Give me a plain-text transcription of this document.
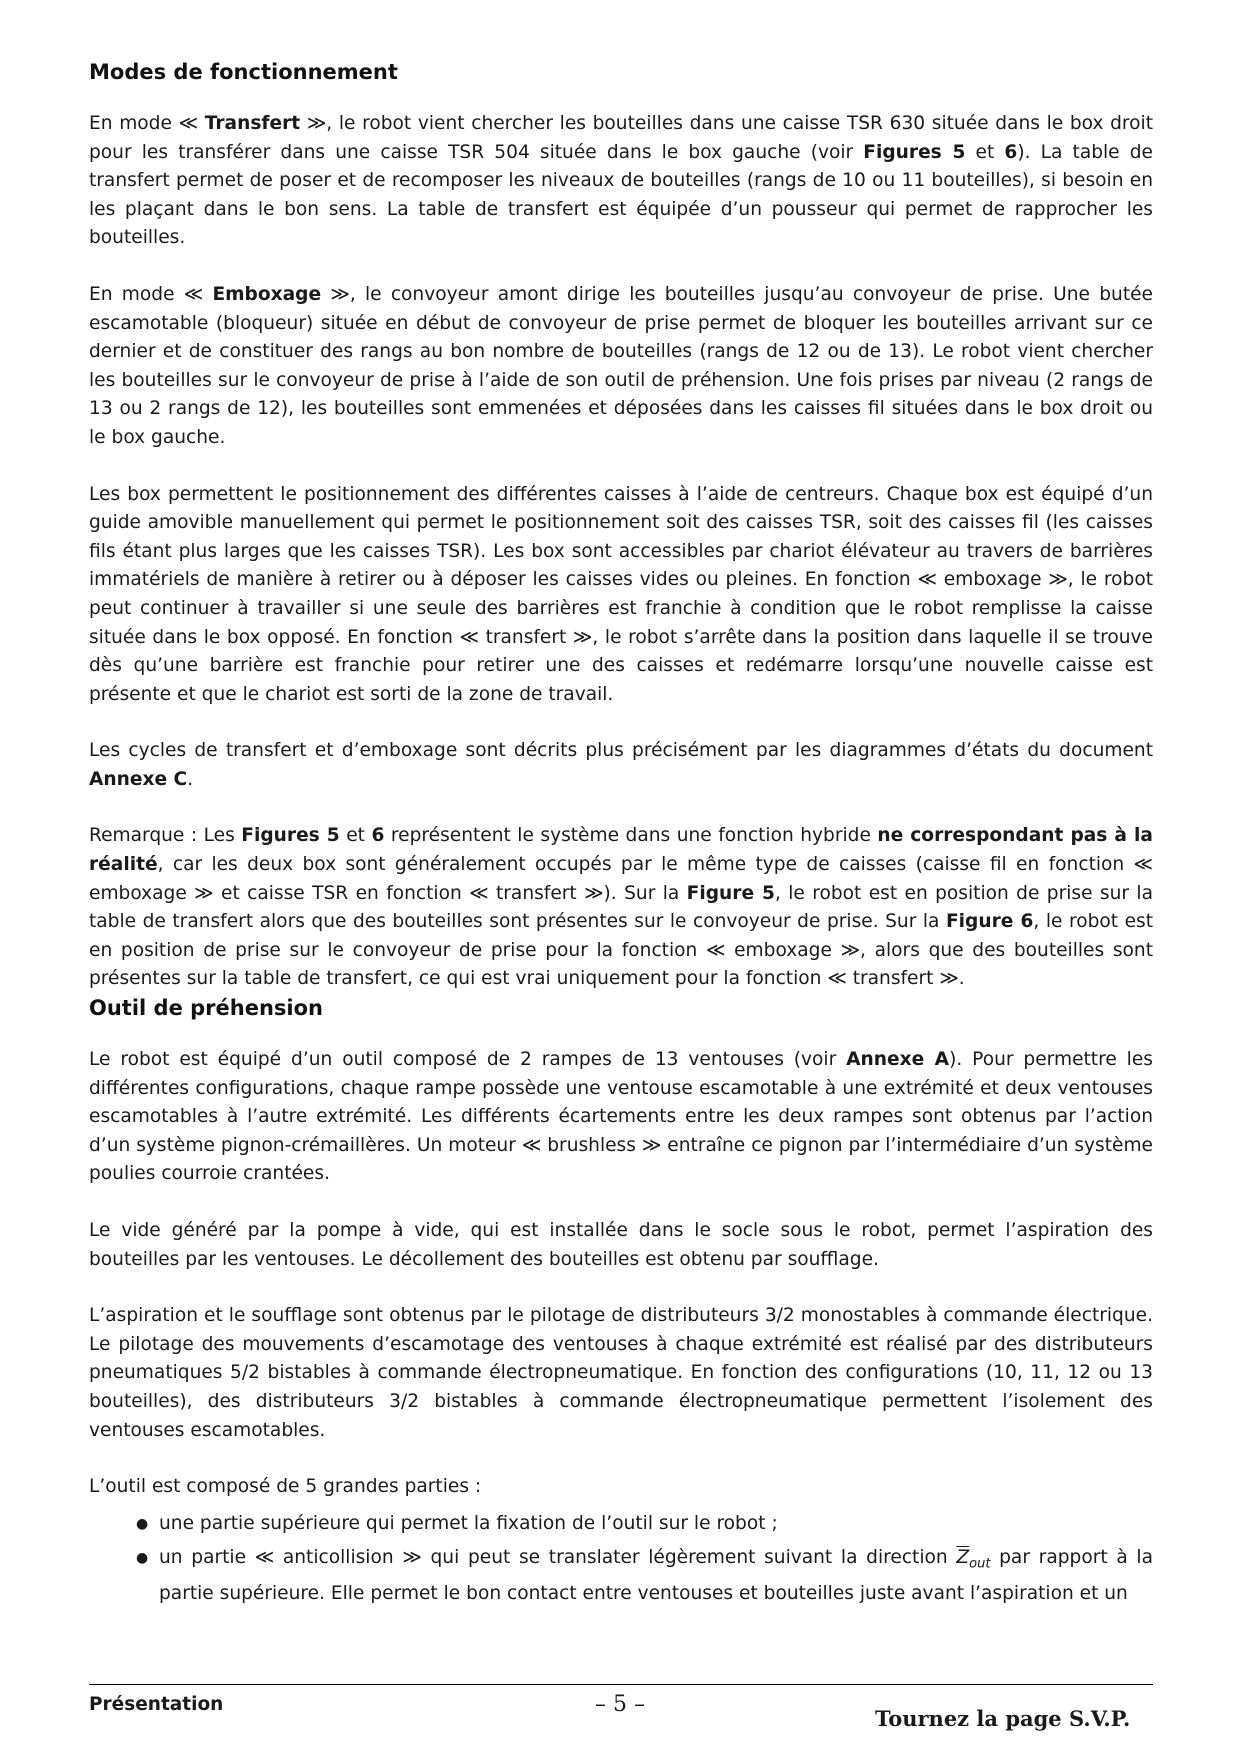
Modes de fonctionnement

En mode ≪ Transfert ≫, le robot vient chercher les bouteilles dans une caisse TSR 630 située dans le box droit pour les transférer dans une caisse TSR 504 située dans le box gauche (voir Figures 5 et 6). La table de transfert permet de poser et de recomposer les niveaux de bouteilles (rangs de 10 ou 11 bouteilles), si besoin en les plaçant dans le bon sens. La table de transfert est équipée d’un pousseur qui permet de rapprocher les bouteilles.

En mode ≪ Emboxage ≫, le convoyeur amont dirige les bouteilles jusqu’au convoyeur de prise. Une butée escamotable (bloqueur) située en début de convoyeur de prise permet de bloquer les bouteilles arrivant sur ce dernier et de constituer des rangs au bon nombre de bouteilles (rangs de 12 ou de 13). Le robot vient chercher les bouteilles sur le convoyeur de prise à l’aide de son outil de préhension. Une fois prises par niveau (2 rangs de 13 ou 2 rangs de 12), les bouteilles sont emmenées et déposées dans les caisses fil situées dans le box droit ou le box gauche.

Les box permettent le positionnement des différentes caisses à l’aide de centreurs. Chaque box est équipé d’un guide amovible manuellement qui permet le positionnement soit des caisses TSR, soit des caisses fil (les caisses fils étant plus larges que les caisses TSR). Les box sont accessibles par chariot élévateur au travers de barrières immatériels de manière à retirer ou à déposer les caisses vides ou pleines. En fonction ≪ emboxage ≫, le robot peut continuer à travailler si une seule des barrières est franchie à condition que le robot remplisse la caisse située dans le box opposé. En fonction ≪ transfert ≫, le robot s’arrête dans la position dans laquelle il se trouve dès qu’une barrière est franchie pour retirer une des caisses et redémarre lorsqu’une nouvelle caisse est présente et que le chariot est sorti de la zone de travail.

Les cycles de transfert et d’emboxage sont décrits plus précisément par les diagrammes d’états du document Annexe C.

Remarque : Les Figures 5 et 6 représentent le système dans une fonction hybride ne correspondant pas à la réalité, car les deux box sont généralement occupés par le même type de caisses (caisse fil en fonction ≪ emboxage ≫ et caisse TSR en fonction ≪ transfert ≫). Sur la Figure 5, le robot est en position de prise sur la table de transfert alors que des bouteilles sont présentes sur le convoyeur de prise. Sur la Figure 6, le robot est en position de prise sur le convoyeur de prise pour la fonction ≪ emboxage ≫, alors que des bouteilles sont présentes sur la table de transfert, ce qui est vrai uniquement pour la fonction ≪ transfert ≫.

Outil de préhension

Le robot est équipé d’un outil composé de 2 rampes de 13 ventouses (voir Annexe A). Pour permettre les différentes configurations, chaque rampe possède une ventouse escamotable à une extrémité et deux ventouses escamotables à l’autre extrémité. Les différents écartements entre les deux rampes sont obtenus par l’action d’un système pignon-crémaillères. Un moteur ≪ brushless ≫ entraîne ce pignon par l’intermédiaire d’un système poulies courroie crantées.

Le vide généré par la pompe à vide, qui est installée dans le socle sous le robot, permet l’aspiration des bouteilles par les ventouses. Le décollement des bouteilles est obtenu par soufflage.

L’aspiration et le soufflage sont obtenus par le pilotage de distributeurs 3/2 monostables à commande électrique. Le pilotage des mouvements d’escamotage des ventouses à chaque extrémité est réalisé par des distributeurs pneumatiques 5/2 bistables à commande électropneumatique. En fonction des configurations (10, 11, 12 ou 13 bouteilles), des distributeurs 3/2 bistables à commande électropneumatique permettent l’isolement des ventouses escamotables.

L’outil est composé de 5 grandes parties :

● une partie supérieure qui permet la fixation de l’outil sur le robot ;
● un partie ≪ anticollision ≫ qui peut se translater légèrement suivant la direction $\overline{Z}_{out}$ par rapport à la partie supérieure. Elle permet le bon contact entre ventouses et bouteilles juste avant l’aspiration et un
Présentation	– 5 –
Tournez la page S.V.P.
